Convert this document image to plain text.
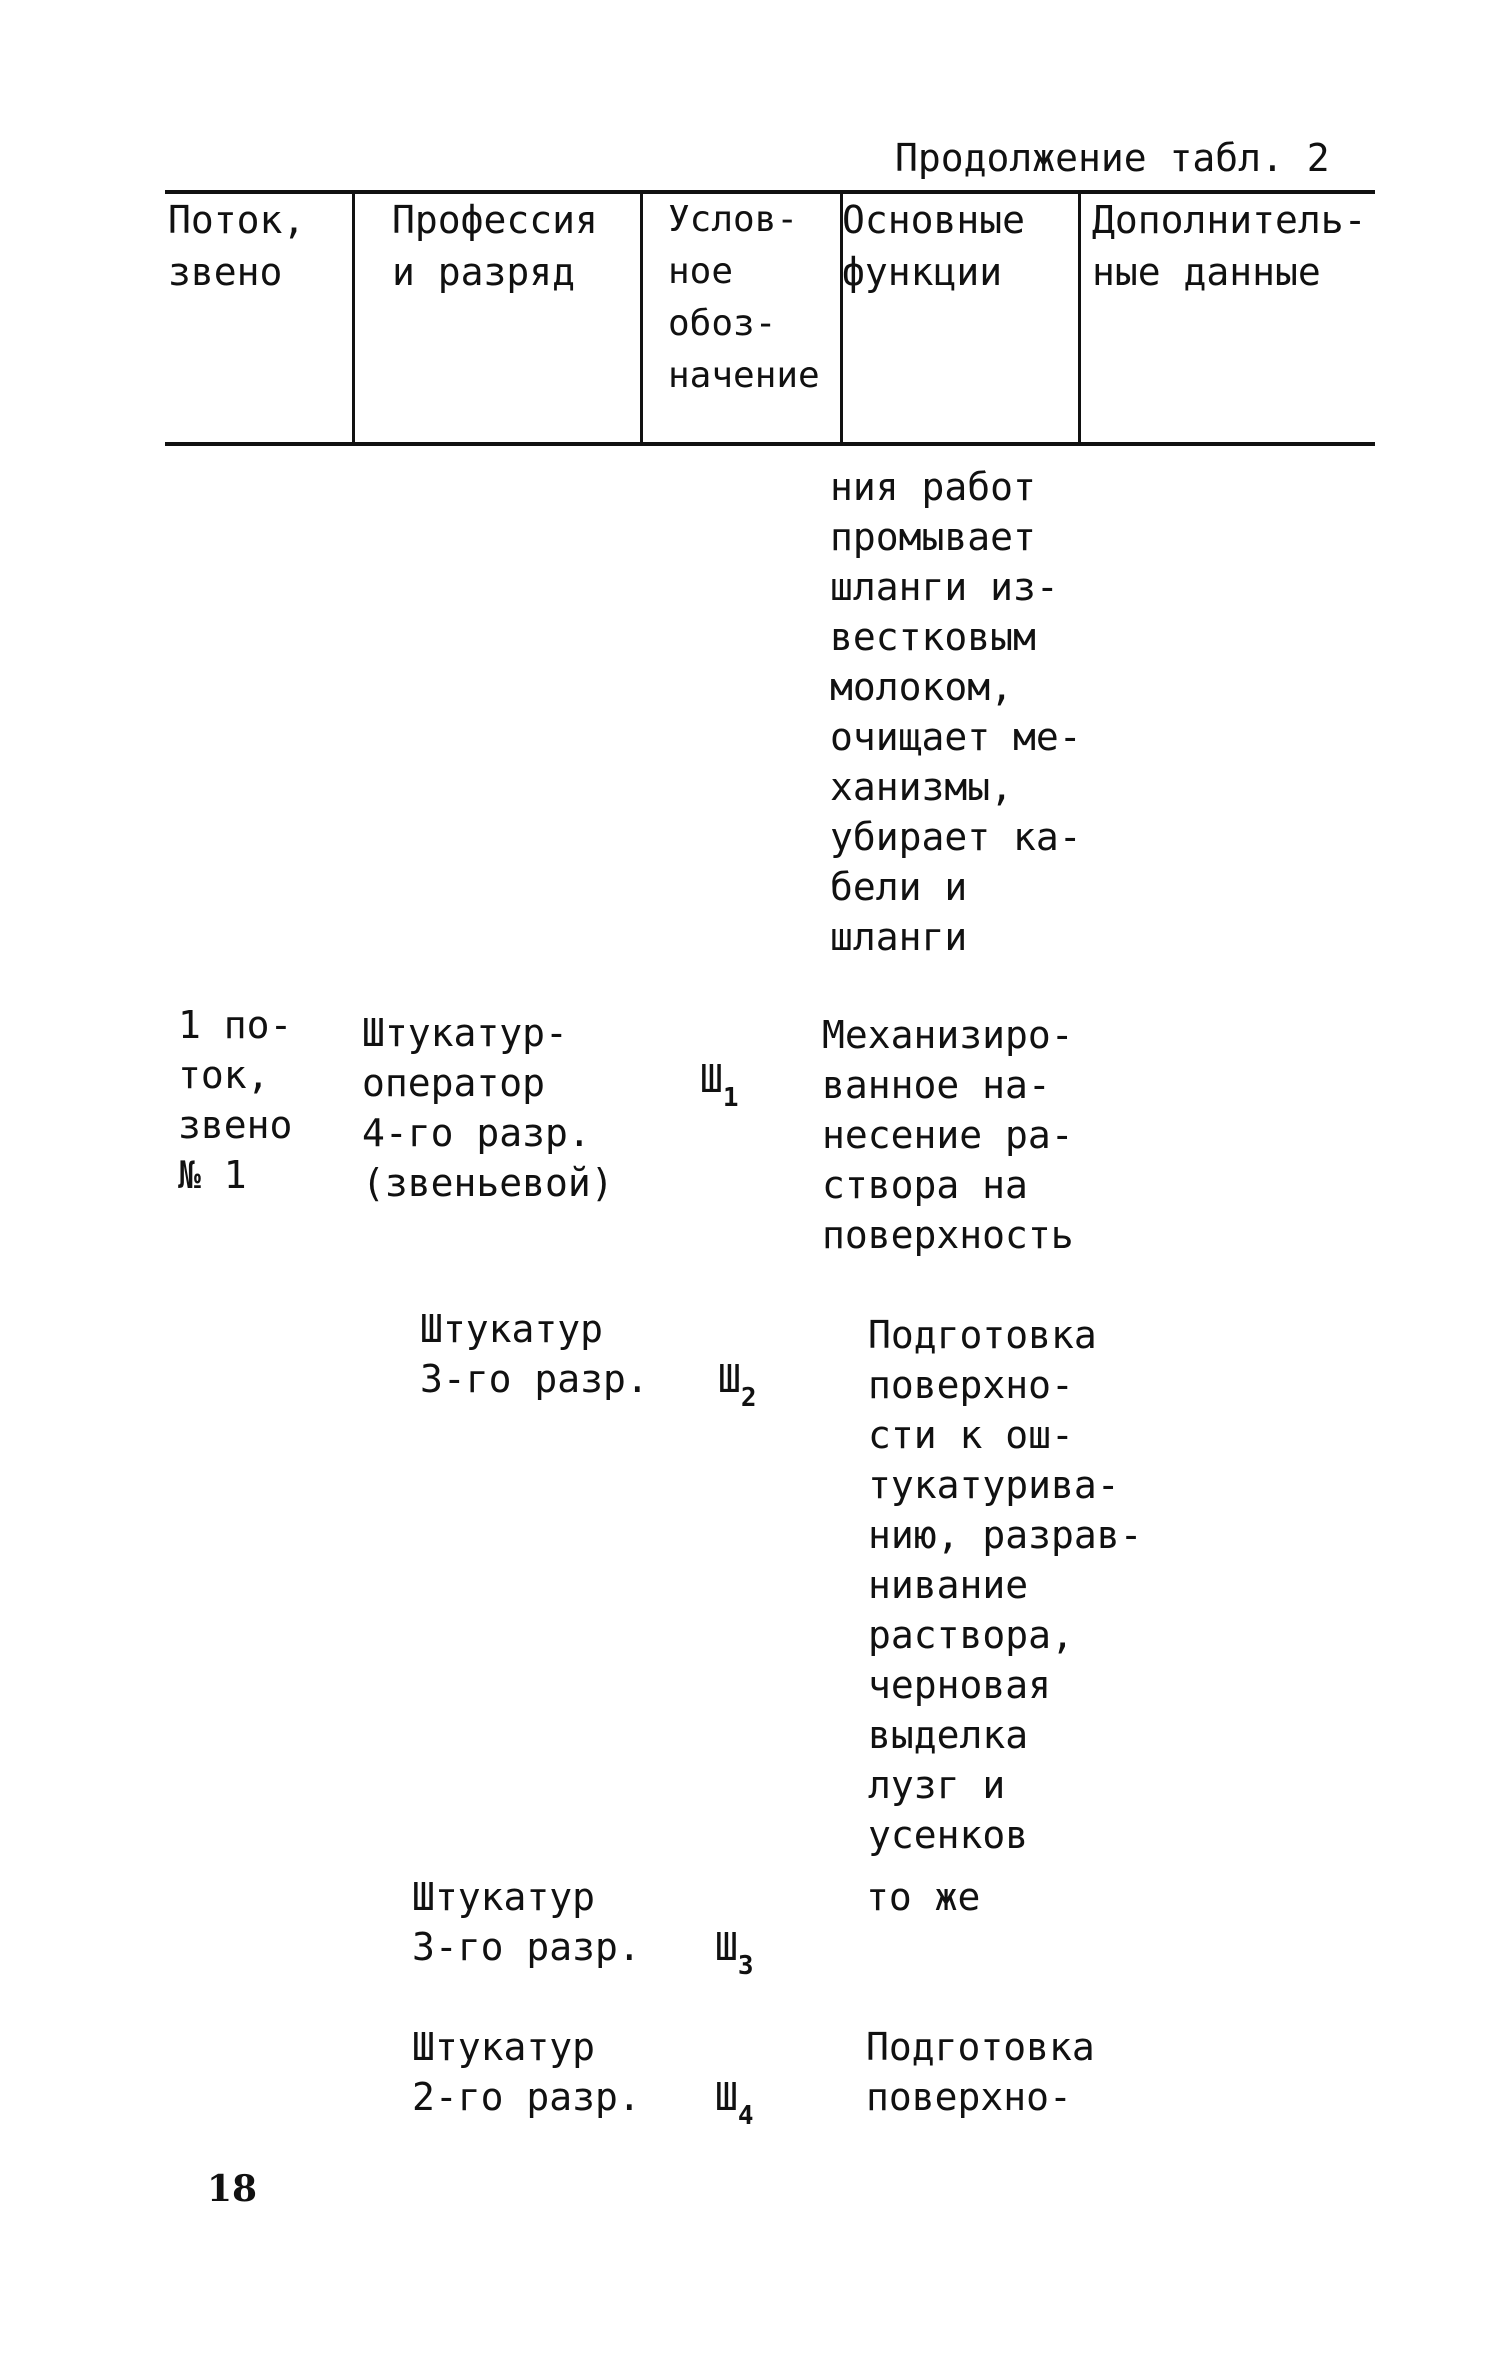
Продолжение табл. 2
Поток,
звено
Профессия
и разряд
Услов-
ное
обоз-
начение
Основные
функции
Дополнитель-
ные данные
ния работ
промывает
шланги из-
вестковым
молоком,
очищает ме-
ханизмы,
убирает ка-
бели и
шланги
1 по-
ток,
звено
№ 1
Штукатур-
оператор
4-го разр.
(звеньевой)

$Ш_1$

Механизиро-
ванное на-
несение ра-
створа на
поверхность
Штукатур
3-го разр. $Ш_2$

Подготовка
поверхно-
сти к ош-
тукатурива-
нию, разрав-
нивание
раствора,
черновая
выделка
лузг и
усенков
Штукатур
3-го разр. $Ш_3$

то же
Штукатур
2-го разр. $Ш_4$

Подготовка
поверхно-
18
